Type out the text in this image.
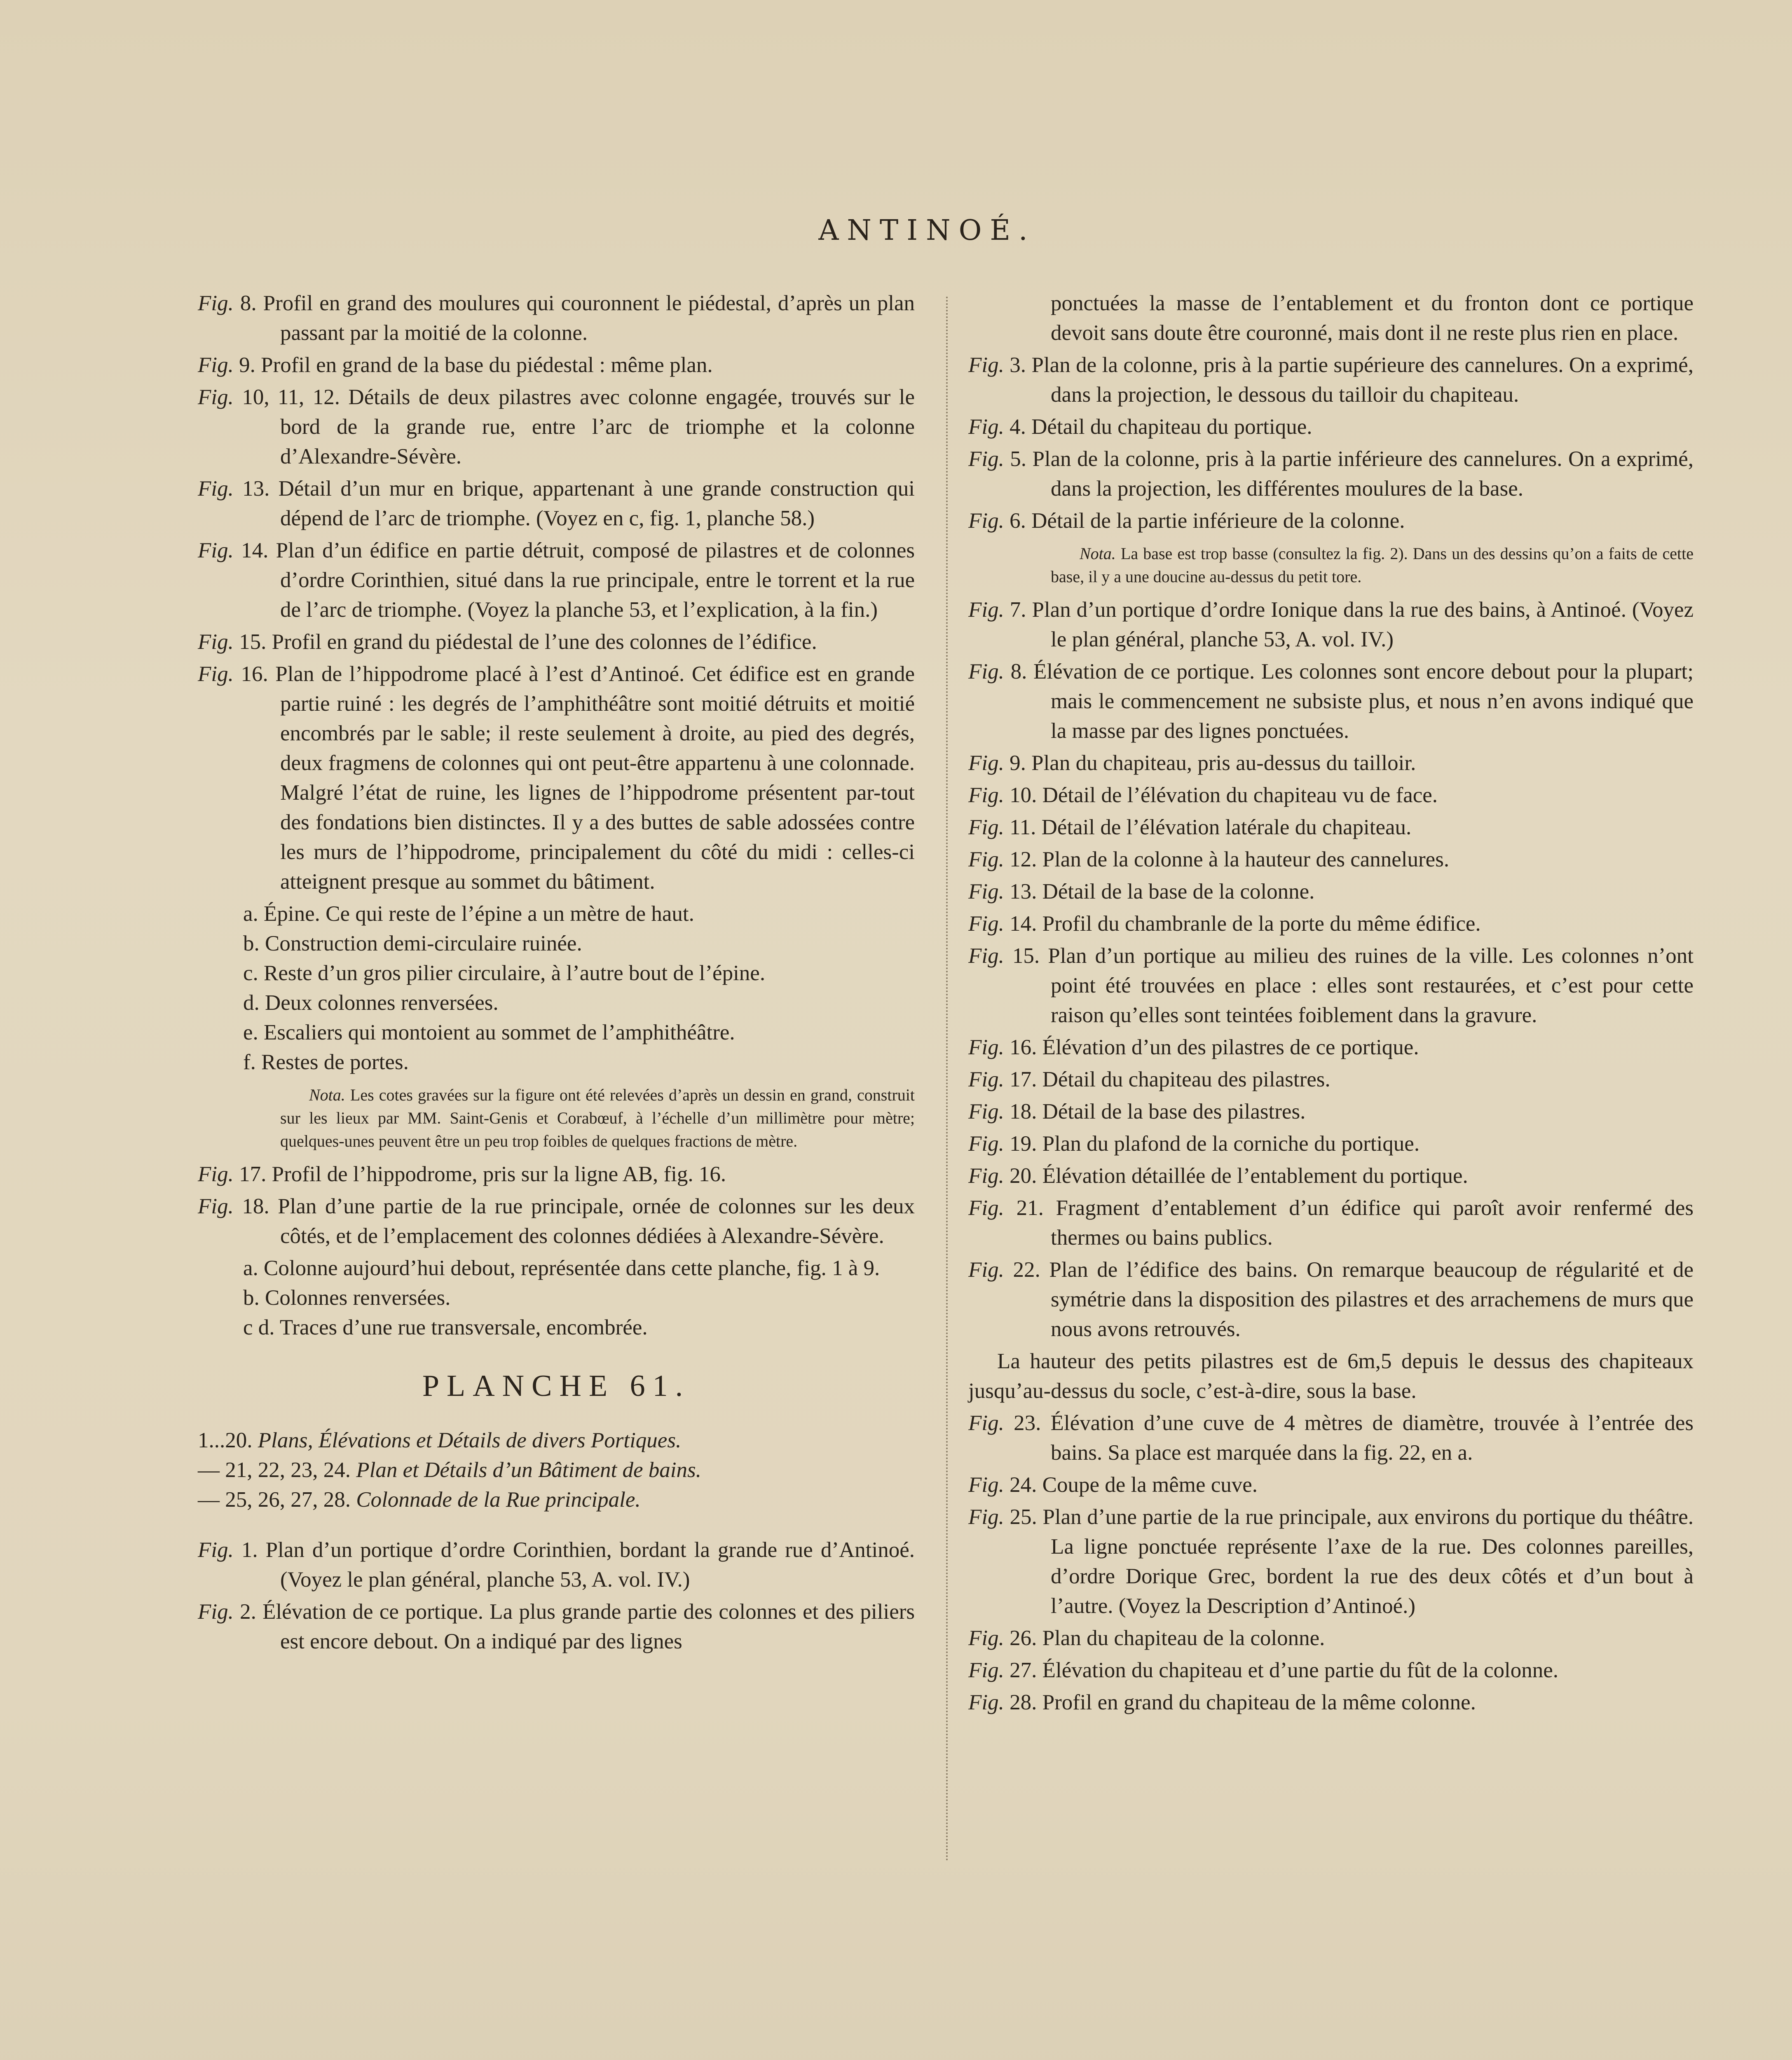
ANTINOÉ.

Fig. 8. Profil en grand des moulures qui couronnent le piédestal, d’après un plan passant par la moitié de la colonne.

Fig. 9. Profil en grand de la base du piédestal : même plan.

Fig. 10, 11, 12. Détails de deux pilastres avec colonne engagée, trouvés sur le bord de la grande rue, entre l’arc de triomphe et la colonne d’Alexandre-Sévère.

Fig. 13. Détail d’un mur en brique, appartenant à une grande construction qui dépend de l’arc de triomphe. (Voyez en c, fig. 1, planche 58.)

Fig. 14. Plan d’un édifice en partie détruit, composé de pilastres et de colonnes d’ordre Corinthien, situé dans la rue principale, entre le torrent et la rue de l’arc de triomphe. (Voyez la planche 53, et l’explication, à la fin.)

Fig. 15. Profil en grand du piédestal de l’une des colonnes de l’édifice.

Fig. 16. Plan de l’hippodrome placé à l’est d’Antinoé. Cet édifice est en grande partie ruiné : les degrés de l’amphithéâtre sont moitié détruits et moitié encombrés par le sable; il reste seulement à droite, au pied des degrés, deux fragmens de colonnes qui ont peut-être appartenu à une colonnade. Malgré l’état de ruine, les lignes de l’hippodrome présentent par-tout des fondations bien distinctes. Il y a des buttes de sable adossées contre les murs de l’hippodrome, principalement du côté du midi : celles-ci atteignent presque au sommet du bâtiment.

a. Épine. Ce qui reste de l’épine a un mètre de haut.

b. Construction demi-circulaire ruinée.

c. Reste d’un gros pilier circulaire, à l’autre bout de l’épine.

d. Deux colonnes renversées.

e. Escaliers qui montoient au sommet de l’amphithéâtre.

f. Restes de portes.

Nota. Les cotes gravées sur la figure ont été relevées d’après un dessin en grand, construit sur les lieux par MM. Saint-Genis et Corabœuf, à l’échelle d’un millimètre pour mètre; quelques-unes peuvent être un peu trop foibles de quelques fractions de mètre.

Fig. 17. Profil de l’hippodrome, pris sur la ligne AB, fig. 16.

Fig. 18. Plan d’une partie de la rue principale, ornée de colonnes sur les deux côtés, et de l’emplacement des colonnes dédiées à Alexandre-Sévère.

a. Colonne aujourd’hui debout, représentée dans cette planche, fig. 1 à 9.

b. Colonnes renversées.

c d. Traces d’une rue transversale, encombrée.

PLANCHE 61.

1...20. Plans, Élévations et Détails de divers Portiques.

— 21, 22, 23, 24. Plan et Détails d’un Bâtiment de bains.

— 25, 26, 27, 28. Colonnade de la Rue principale.

Fig. 1. Plan d’un portique d’ordre Corinthien, bordant la grande rue d’Antinoé. (Voyez le plan général, planche 53, A. vol. IV.)

Fig. 2. Élévation de ce portique. La plus grande partie des colonnes et des piliers est encore debout. On a indiqué par des lignes

ponctuées la masse de l’entablement et du fronton dont ce portique devoit sans doute être couronné, mais dont il ne reste plus rien en place.

Fig. 3. Plan de la colonne, pris à la partie supérieure des cannelures. On a exprimé, dans la projection, le dessous du tailloir du chapiteau.

Fig. 4. Détail du chapiteau du portique.

Fig. 5. Plan de la colonne, pris à la partie inférieure des cannelures. On a exprimé, dans la projection, les différentes moulures de la base.

Fig. 6. Détail de la partie inférieure de la colonne.

Nota. La base est trop basse (consultez la fig. 2). Dans un des dessins qu’on a faits de cette base, il y a une doucine au-dessus du petit tore.

Fig. 7. Plan d’un portique d’ordre Ionique dans la rue des bains, à Antinoé. (Voyez le plan général, planche 53, A. vol. IV.)

Fig. 8. Élévation de ce portique. Les colonnes sont encore debout pour la plupart; mais le commencement ne subsiste plus, et nous n’en avons indiqué que la masse par des lignes ponctuées.

Fig. 9. Plan du chapiteau, pris au-dessus du tailloir.

Fig. 10. Détail de l’élévation du chapiteau vu de face.

Fig. 11. Détail de l’élévation latérale du chapiteau.

Fig. 12. Plan de la colonne à la hauteur des cannelures.

Fig. 13. Détail de la base de la colonne.

Fig. 14. Profil du chambranle de la porte du même édifice.

Fig. 15. Plan d’un portique au milieu des ruines de la ville. Les colonnes n’ont point été trouvées en place : elles sont restaurées, et c’est pour cette raison qu’elles sont teintées foiblement dans la gravure.

Fig. 16. Élévation d’un des pilastres de ce portique.

Fig. 17. Détail du chapiteau des pilastres.

Fig. 18. Détail de la base des pilastres.

Fig. 19. Plan du plafond de la corniche du portique.

Fig. 20. Élévation détaillée de l’entablement du portique.

Fig. 21. Fragment d’entablement d’un édifice qui paroît avoir renfermé des thermes ou bains publics.

Fig. 22. Plan de l’édifice des bains. On remarque beaucoup de régularité et de symétrie dans la disposition des pilastres et des arrachemens de murs que nous avons retrouvés.

La hauteur des petits pilastres est de 6m,5 depuis le dessus des chapiteaux jusqu’au-dessus du socle, c’est-à-dire, sous la base.

Fig. 23. Élévation d’une cuve de 4 mètres de diamètre, trouvée à l’entrée des bains. Sa place est marquée dans la fig. 22, en a.

Fig. 24. Coupe de la même cuve.

Fig. 25. Plan d’une partie de la rue principale, aux environs du portique du théâtre. La ligne ponctuée représente l’axe de la rue. Des colonnes pareilles, d’ordre Dorique Grec, bordent la rue des deux côtés et d’un bout à l’autre. (Voyez la Description d’Antinoé.)

Fig. 26. Plan du chapiteau de la colonne.

Fig. 27. Élévation du chapiteau et d’une partie du fût de la colonne.

Fig. 28. Profil en grand du chapiteau de la même colonne.
